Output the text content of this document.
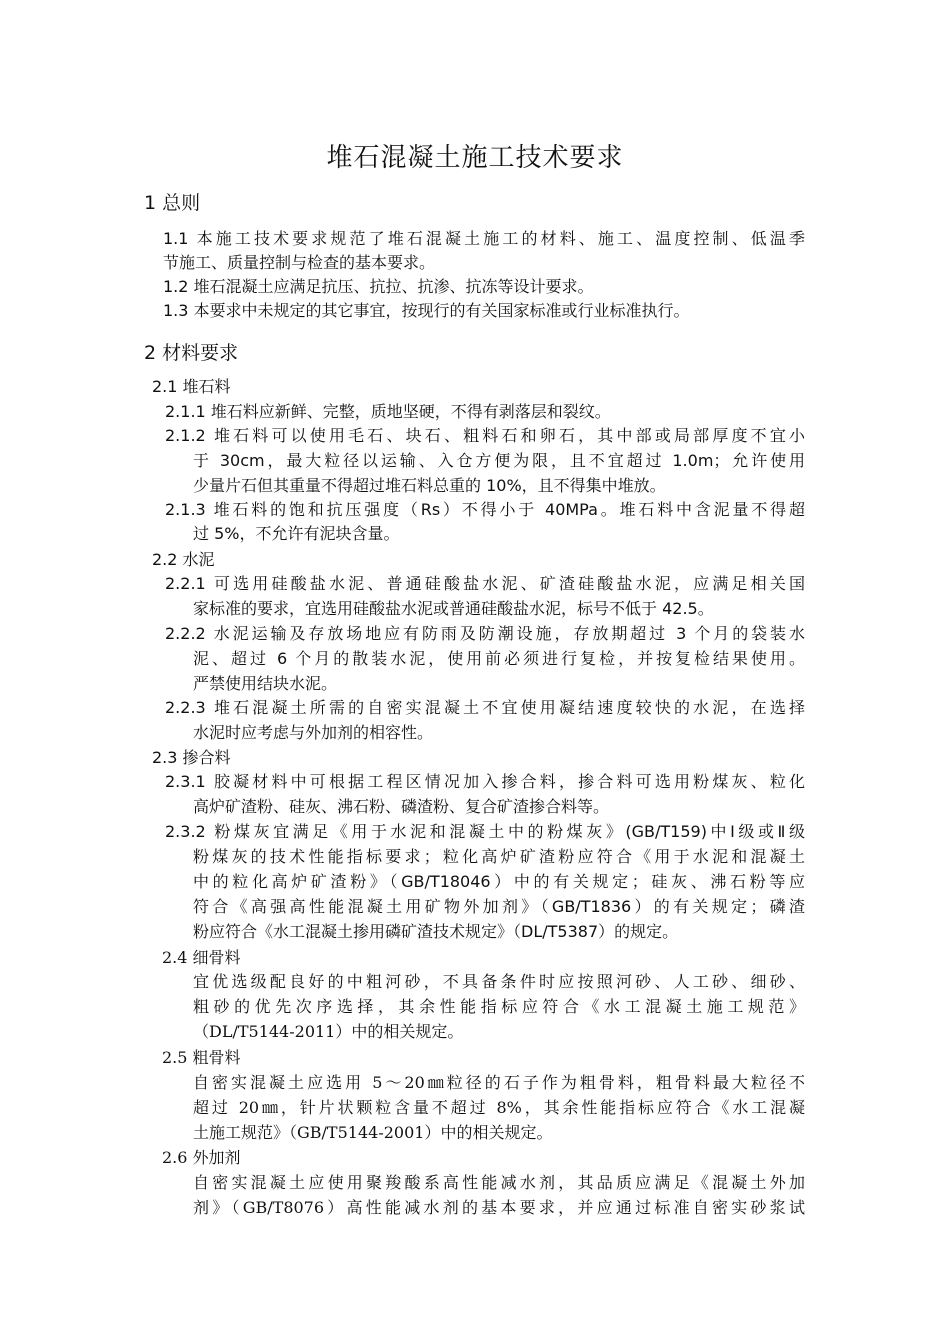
堆石混凝土施工技术要求
1 总则
1.1 本施工技术要求规范了堆石混凝土施工的材料、施工、温度控制、低温季
节施工、质量控制与检查的基本要求。
1.2 堆石混凝土应满足抗压、抗拉、抗渗、抗冻等设计要求。
1.3 本要求中未规定的其它事宜，按现行的有关国家标准或行业标准执行。
2 材料要求
2.1 堆石料
2.1.1 堆石料应新鲜、完整，质地坚硬，不得有剥落层和裂纹。
2.1.2 堆石料可以使用毛石、块石、粗料石和卵石，其中部或局部厚度不宜小
于 30cm，最大粒径以运输、入仓方便为限，且不宜超过 1.0m；允许使用
少量片石但其重量不得超过堆石料总重的 10%，且不得集中堆放。
2.1.3 堆石料的饱和抗压强度（Rs）不得小于 40MPa。堆石料中含泥量不得超
过 5%，不允许有泥块含量。
2.2 水泥
2.2.1 可选用硅酸盐水泥、普通硅酸盐水泥、矿渣硅酸盐水泥，应满足相关国
家标准的要求，宜选用硅酸盐水泥或普通硅酸盐水泥，标号不低于 42.5。
2.2.2 水泥运输及存放场地应有防雨及防潮设施，存放期超过 3 个月的袋装水
泥、超过 6 个月的散装水泥，使用前必须进行复检，并按复检结果使用。
严禁使用结块水泥。
2.2.3 堆石混凝土所需的自密实混凝土不宜使用凝结速度较快的水泥，在选择
水泥时应考虑与外加剂的相容性。
2.3 掺合料
2.3.1 胶凝材料中可根据工程区情况加入掺合料，掺合料可选用粉煤灰、粒化
高炉矿渣粉、硅灰、沸石粉、磷渣粉、复合矿渣掺合料等。
2.3.2 粉煤灰宜满足《用于水泥和混凝土中的粉煤灰》(GB/T159)中Ⅰ级或Ⅱ级
粉煤灰的技术性能指标要求；粒化高炉矿渣粉应符合《用于水泥和混凝土
中的粒化高炉矿渣粉》（GB/T18046）中的有关规定；硅灰、沸石粉等应
符合《高强高性能混凝土用矿物外加剂》（GB/T1836）的有关规定；磷渣
粉应符合《水工混凝土掺用磷矿渣技术规定》（DL/T5387）的规定。
2.4 细骨料
宜优选级配良好的中粗河砂，不具备条件时应按照河砂、人工砂、细砂、
粗砂的优先次序选择，其余性能指标应符合《水工混凝土施工规范》
（DL/T5144-2011）中的相关规定。
2.5 粗骨料
自密实混凝土应选用 5～20㎜粒径的石子作为粗骨料，粗骨料最大粒径不
超过 20㎜，针片状颗粒含量不超过 8%，其余性能指标应符合《水工混凝
土施工规范》（GB/T5144-2001）中的相关规定。
2.6 外加剂
自密实混凝土应使用聚羧酸系高性能减水剂，其品质应满足《混凝土外加
剂》（GB/T8076）高性能减水剂的基本要求，并应通过标准自密实砂浆试
